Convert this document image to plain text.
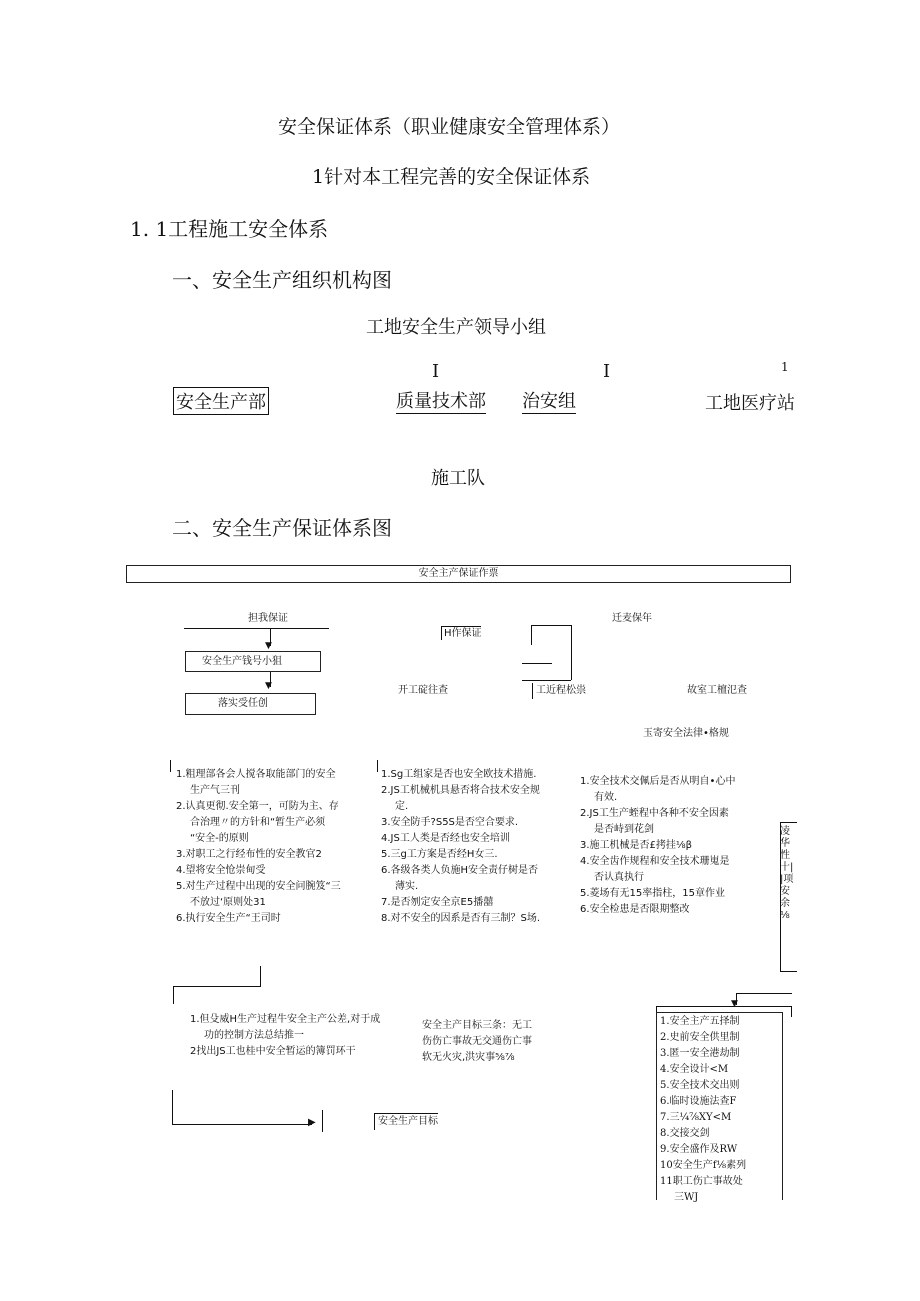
安全保证体系（职业健康安全管理体系）
1针对本工程完善的安全保证体系
1. 1工程施工安全体系
一、安全生产组织机构图
工地安全生产领导小组
I	I	1
安全生产部	质量技术部 治安组	工地医疗站
施工队
二、安全生产保证体系图
安全主产保证作票
担我保证
▼
安全生产钱号小狙
▼
落实受任创
H作保证
开工碇往查	工近程松祟
迁麦保年
故室工檀氾查
玉寄安全法律•格规
1.粗理部各会人搅各取能部门的安全
生产气三刊
2.认真更彻.安全第一，可防为主、存
合治理〃的方针和“暂生产必须
“安全-的原则
3.对职工之行经布性的安全教官2
4.望将安全怆崇甸受
5.对生产过程中出现的安全问腕笈“三
不放过‘原则处31
6.执行安全生产“王司时
1.Sg工组家是否也安全欧技术措施.
2.JS工机械机具悬否将合技术安全规
定.
3.安全防手?S5S是否空合要求.
4.JS工人类是否经也安全培训
5.三g工方案是否经H女三.
6.各级各类人负施H安全责仔树是否
薄实.
7.是否刎定安全京E5播囍
8.对不安全的因系是否有三制？S场.
1.安全技术交佩后是否从明自•心中
有效.
2.JS工生产蛭程中各种不安全因素
是否峙到花剑
3.施工机械是否£拷挂⅛β
4.安全齿作规程和安全技术珊嵬是
否认真执行
5.菱场有无15率指柱，15章作业
6.安全检患是否限期整改
凌华性十||项安余⅛
1.但殳威H生产过程牛安全主产公差,对于成
功的控制方法总结推一
2找出JS工也桂中安全暂运的簿罚环干
安全主产目标三条：无工
伤伤亡事故无交通伤亡事
软无火灾,洪灾事⅝⅞
▶	安全生产目标
▼
1.安全主产五择制
2.史前安全供里制
3.匿一安全港劫制
4.安全设计<M
5.安全技术交出则
6.临时设施法查F
7.三¼⅞XY<M
8.交接交剑
9.安全盛作及RW
10安全生产f⅛素列
11职工伤亡事故处
三WJ
